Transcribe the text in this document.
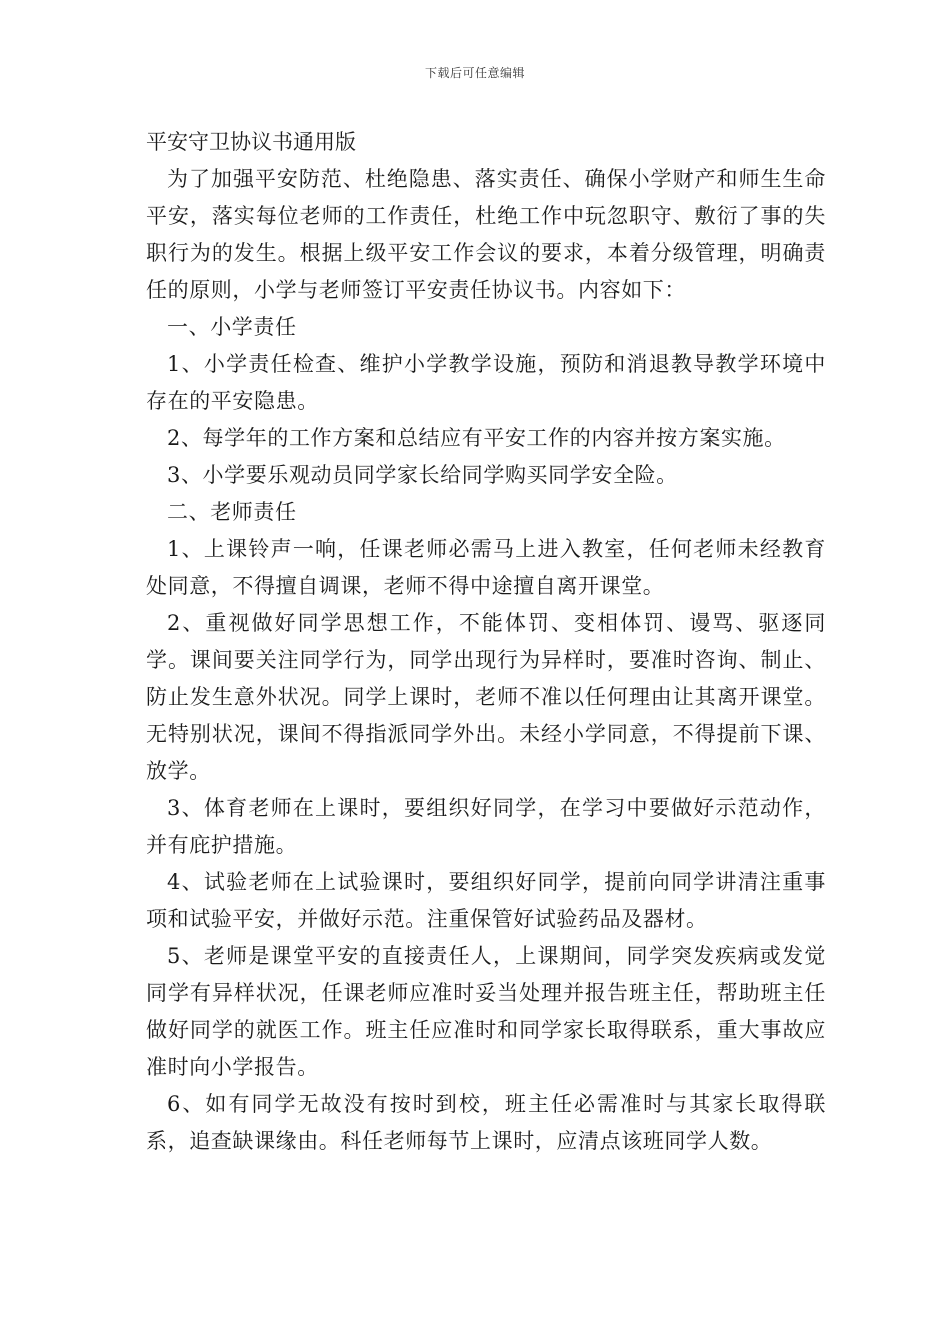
下载后可任意编辑

平安守卫协议书通用版

为了加强平安防范、杜绝隐患、落实责任、确保小学财产和师生生命平安，落实每位老师的工作责任，杜绝工作中玩忽职守、敷衍了事的失职行为的发生。根据上级平安工作会议的要求，本着分级管理，明确责任的原则，小学与老师签订平安责任协议书。内容如下：

一、小学责任

1、小学责任检查、维护小学教学设施，预防和消退教导教学环境中存在的平安隐患。

2、每学年的工作方案和总结应有平安工作的内容并按方案实施。

3、小学要乐观动员同学家长给同学购买同学安全险。

二、老师责任

1、上课铃声一响，任课老师必需马上进入教室，任何老师未经教育处同意，不得擅自调课，老师不得中途擅自离开课堂。

2、重视做好同学思想工作，不能体罚、变相体罚、谩骂、驱逐同学。课间要关注同学行为，同学出现行为异样时，要准时咨询、制止、防止发生意外状况。同学上课时，老师不准以任何理由让其离开课堂。无特别状况，课间不得指派同学外出。未经小学同意，不得提前下课、放学。

3、体育老师在上课时，要组织好同学，在学习中要做好示范动作，并有庇护措施。

4、试验老师在上试验课时，要组织好同学，提前向同学讲清注重事项和试验平安，并做好示范。注重保管好试验药品及器材。

5、老师是课堂平安的直接责任人，上课期间，同学突发疾病或发觉同学有异样状况，任课老师应准时妥当处理并报告班主任，帮助班主任做好同学的就医工作。班主任应准时和同学家长取得联系，重大事故应准时向小学报告。

6、如有同学无故没有按时到校，班主任必需准时与其家长取得联系，追查缺课缘由。科任老师每节上课时，应清点该班同学人数。
